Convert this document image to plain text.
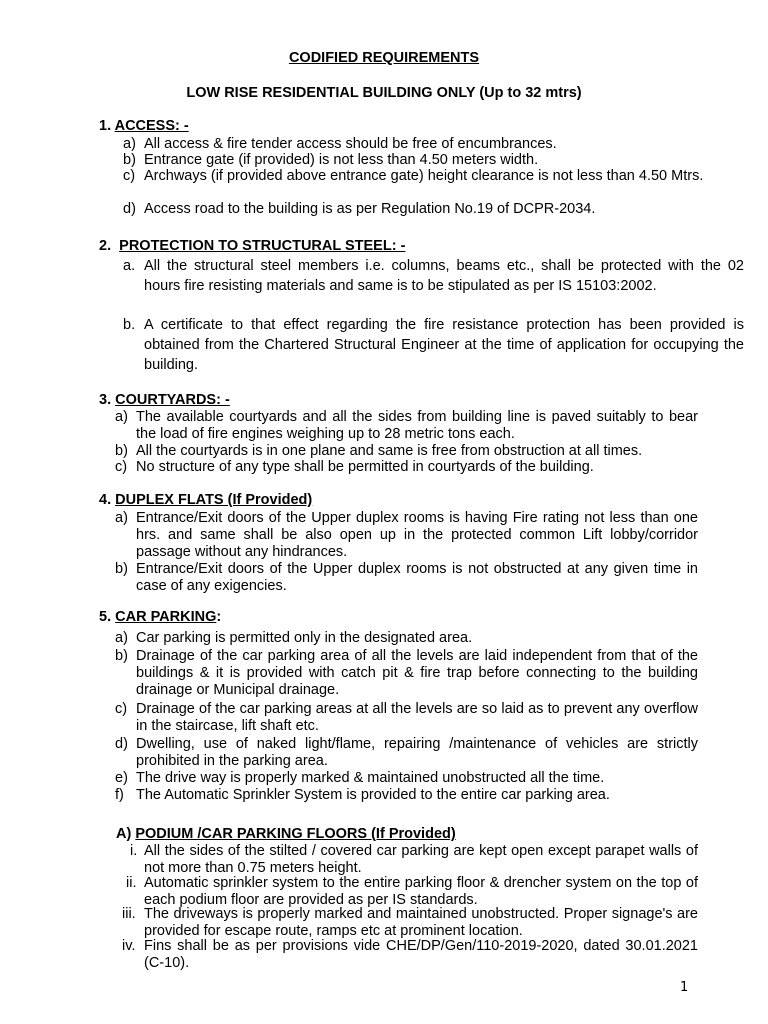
CODIFIED REQUIREMENTS
LOW RISE RESIDENTIAL BUILDING ONLY (Up to 32 mtrs)
1. ACCESS: -
a) All access & fire tender access should be free of encumbrances.
b) Entrance gate (if provided) is not less than 4.50 meters width.
c) Archways (if provided above entrance gate) height clearance is not less than 4.50 Mtrs.
d) Access road to the building is as per Regulation No.19 of DCPR-2034.
2. PROTECTION TO STRUCTURAL STEEL: -
a. All the structural steel members i.e. columns, beams etc., shall be protected with the 02 hours fire resisting materials and same is to be stipulated as per IS 15103:2002.
b. A certificate to that effect regarding the fire resistance protection has been provided is obtained from the Chartered Structural Engineer at the time of application for occupying the building.
3. COURTYARDS: -
a) The available courtyards and all the sides from building line is paved suitably to bear the load of fire engines weighing up to 28 metric tons each.
b) All the courtyards is in one plane and same is free from obstruction at all times.
c) No structure of any type shall be permitted in courtyards of the building.
4. DUPLEX FLATS (If Provided)
a) Entrance/Exit doors of the Upper duplex rooms is having Fire rating not less than one hrs. and same shall be also open up in the protected common Lift lobby/corridor passage without any hindrances.
b) Entrance/Exit doors of the Upper duplex rooms is not obstructed at any given time in case of any exigencies.
5. CAR PARKING:
a) Car parking is permitted only in the designated area.
b) Drainage of the car parking area of all the levels are laid independent from that of the buildings & it is provided with catch pit & fire trap before connecting to the building drainage or Municipal drainage.
c) Drainage of the car parking areas at all the levels are so laid as to prevent any overflow in the staircase, lift shaft etc.
d) Dwelling, use of naked light/flame, repairing /maintenance of vehicles are strictly prohibited in the parking area.
e) The drive way is properly marked & maintained unobstructed all the time.
f) The Automatic Sprinkler System is provided to the entire car parking area.
A) PODIUM /CAR PARKING FLOORS (If Provided)
i. All the sides of the stilted / covered car parking are kept open except parapet walls of not more than 0.75 meters height.
ii. Automatic sprinkler system to the entire parking floor & drencher system on the top of each podium floor are provided as per IS standards.
iii. The driveways is properly marked and maintained unobstructed. Proper signage's are provided for escape route, ramps etc at prominent location.
iv. Fins shall be as per provisions vide CHE/DP/Gen/110-2019-2020, dated 30.01.2021 (C-10).
1
